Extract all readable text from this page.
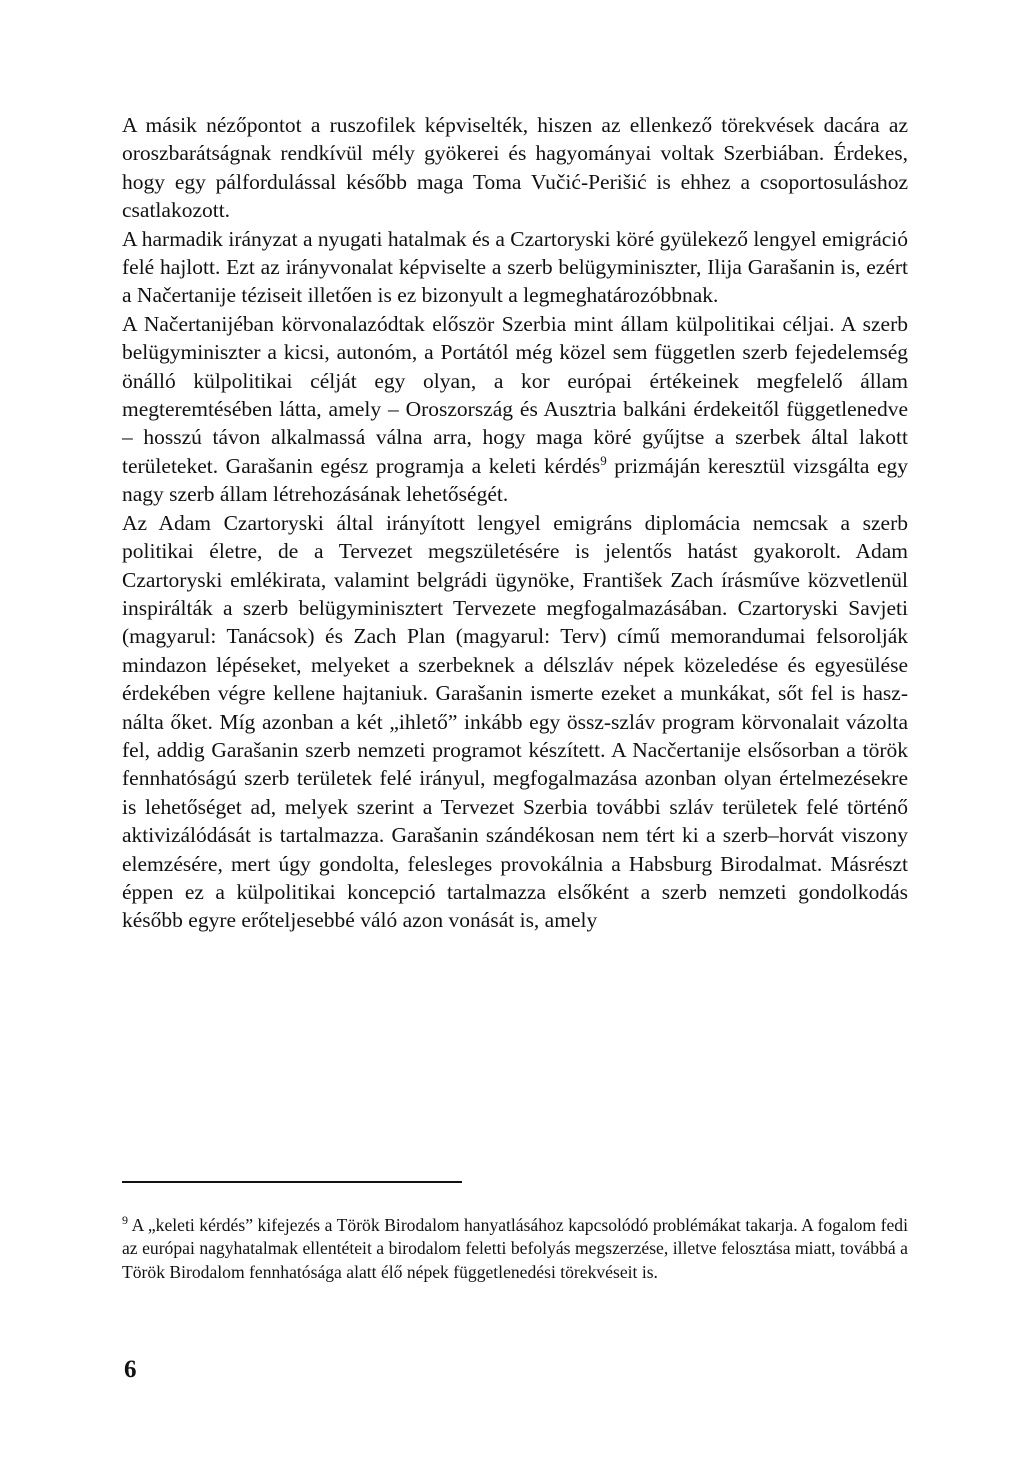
A másik nézőpontot a ruszofilek képviselték, hiszen az ellenkező törekvések dacára az oroszbarátságnak rendkívül mély gyökerei és hagyományai voltak Szerbiában. Érdekes, hogy egy pálfordulással később maga Toma Vučić-Perišić is ehhez a csoportosuláshoz csatlakozott.

A harmadik irányzat a nyugati hatalmak és a Czartoryski köré gyülekező lengyel emigráció felé hajlott. Ezt az irányvonalat képviselte a szerb belügyminiszter, Ilija Garašanin is, ezért a Načertanije téziseit illetően is ez bizonyult a legmeghatározóbbnak.

A Načertanijéban körvonalazódtak először Szerbia mint állam külpolitikai céljai. A szerb belügyminiszter a kicsi, autonóm, a Portától még közel sem független szerb fejedelemség önálló külpolitikai célját egy olyan, a kor európai értékeinek megfelelő állam megteremtésében látta, amely – Oroszország és Ausztria balkáni érdekeitől függetlenedve – hosszú távon alkalmassá válna arra, hogy maga köré gyűjtse a szerbek által lakott területeket. Garašanin egész programja a keleti kérdés$^9$ prizmáján keresztül vizsgálta egy nagy szerb állam létrehozásának lehetőségét.

Az Adam Czartoryski által irányított lengyel emigráns diplomácia nemcsak a szerb politikai életre, de a Tervezet megszületésére is jelentős hatást gyakorolt. Adam Czartoryski emlékirata, valamint belgrádi ügynöke, František Zach írásműve közvetlenül inspirálták a szerb belügyminisztert Tervezete megfogalmazásában. Czartoryski Savjeti (magyarul: Tanácsok) és Zach Plan (magyarul: Terv) című memorandumai felsorolják mindazon lépéseket, melyeket a szerbeknek a délszláv népek közeledése és egyesülése érdekében végre kellene hajtaniuk. Garašanin ismerte ezeket a munkákat, sőt fel is használta őket. Míg azonban a két „ihlető” inkább egy össz-szláv program körvonalait vázolta fel, addig Garašanin szerb nemzeti programot készített. A Nacčertanije elsősorban a török fennhatóságú szerb területek felé irányul, megfogalmazása azonban olyan értelmezésekre is lehetőséget ad, melyek szerint a Tervezet Szerbia további szláv területek felé történő aktivizálódását is tartalmazza. Garašanin szándékosan nem tért ki a szerb–horvát viszony elemzésére, mert úgy gondolta, felesleges provokálnia a Habsburg Birodalmat. Másrészt éppen ez a külpolitikai koncepció tartalmazza elsőként a szerb nemzeti gondolkodás később egyre erőteljesebbé váló azon vonását is, amely

$^9$ A „keleti kérdés” kifejezés a Török Birodalom hanyatlásához kapcsolódó problémákat takarja. A fogalom fedi az európai nagyhatalmak ellentéteit a birodalom feletti befolyás megszerzése, illetve felosztása miatt, továbbá a Török Birodalom fennhatósága alatt élő népek függetlenedési törekvéseit is.
6
